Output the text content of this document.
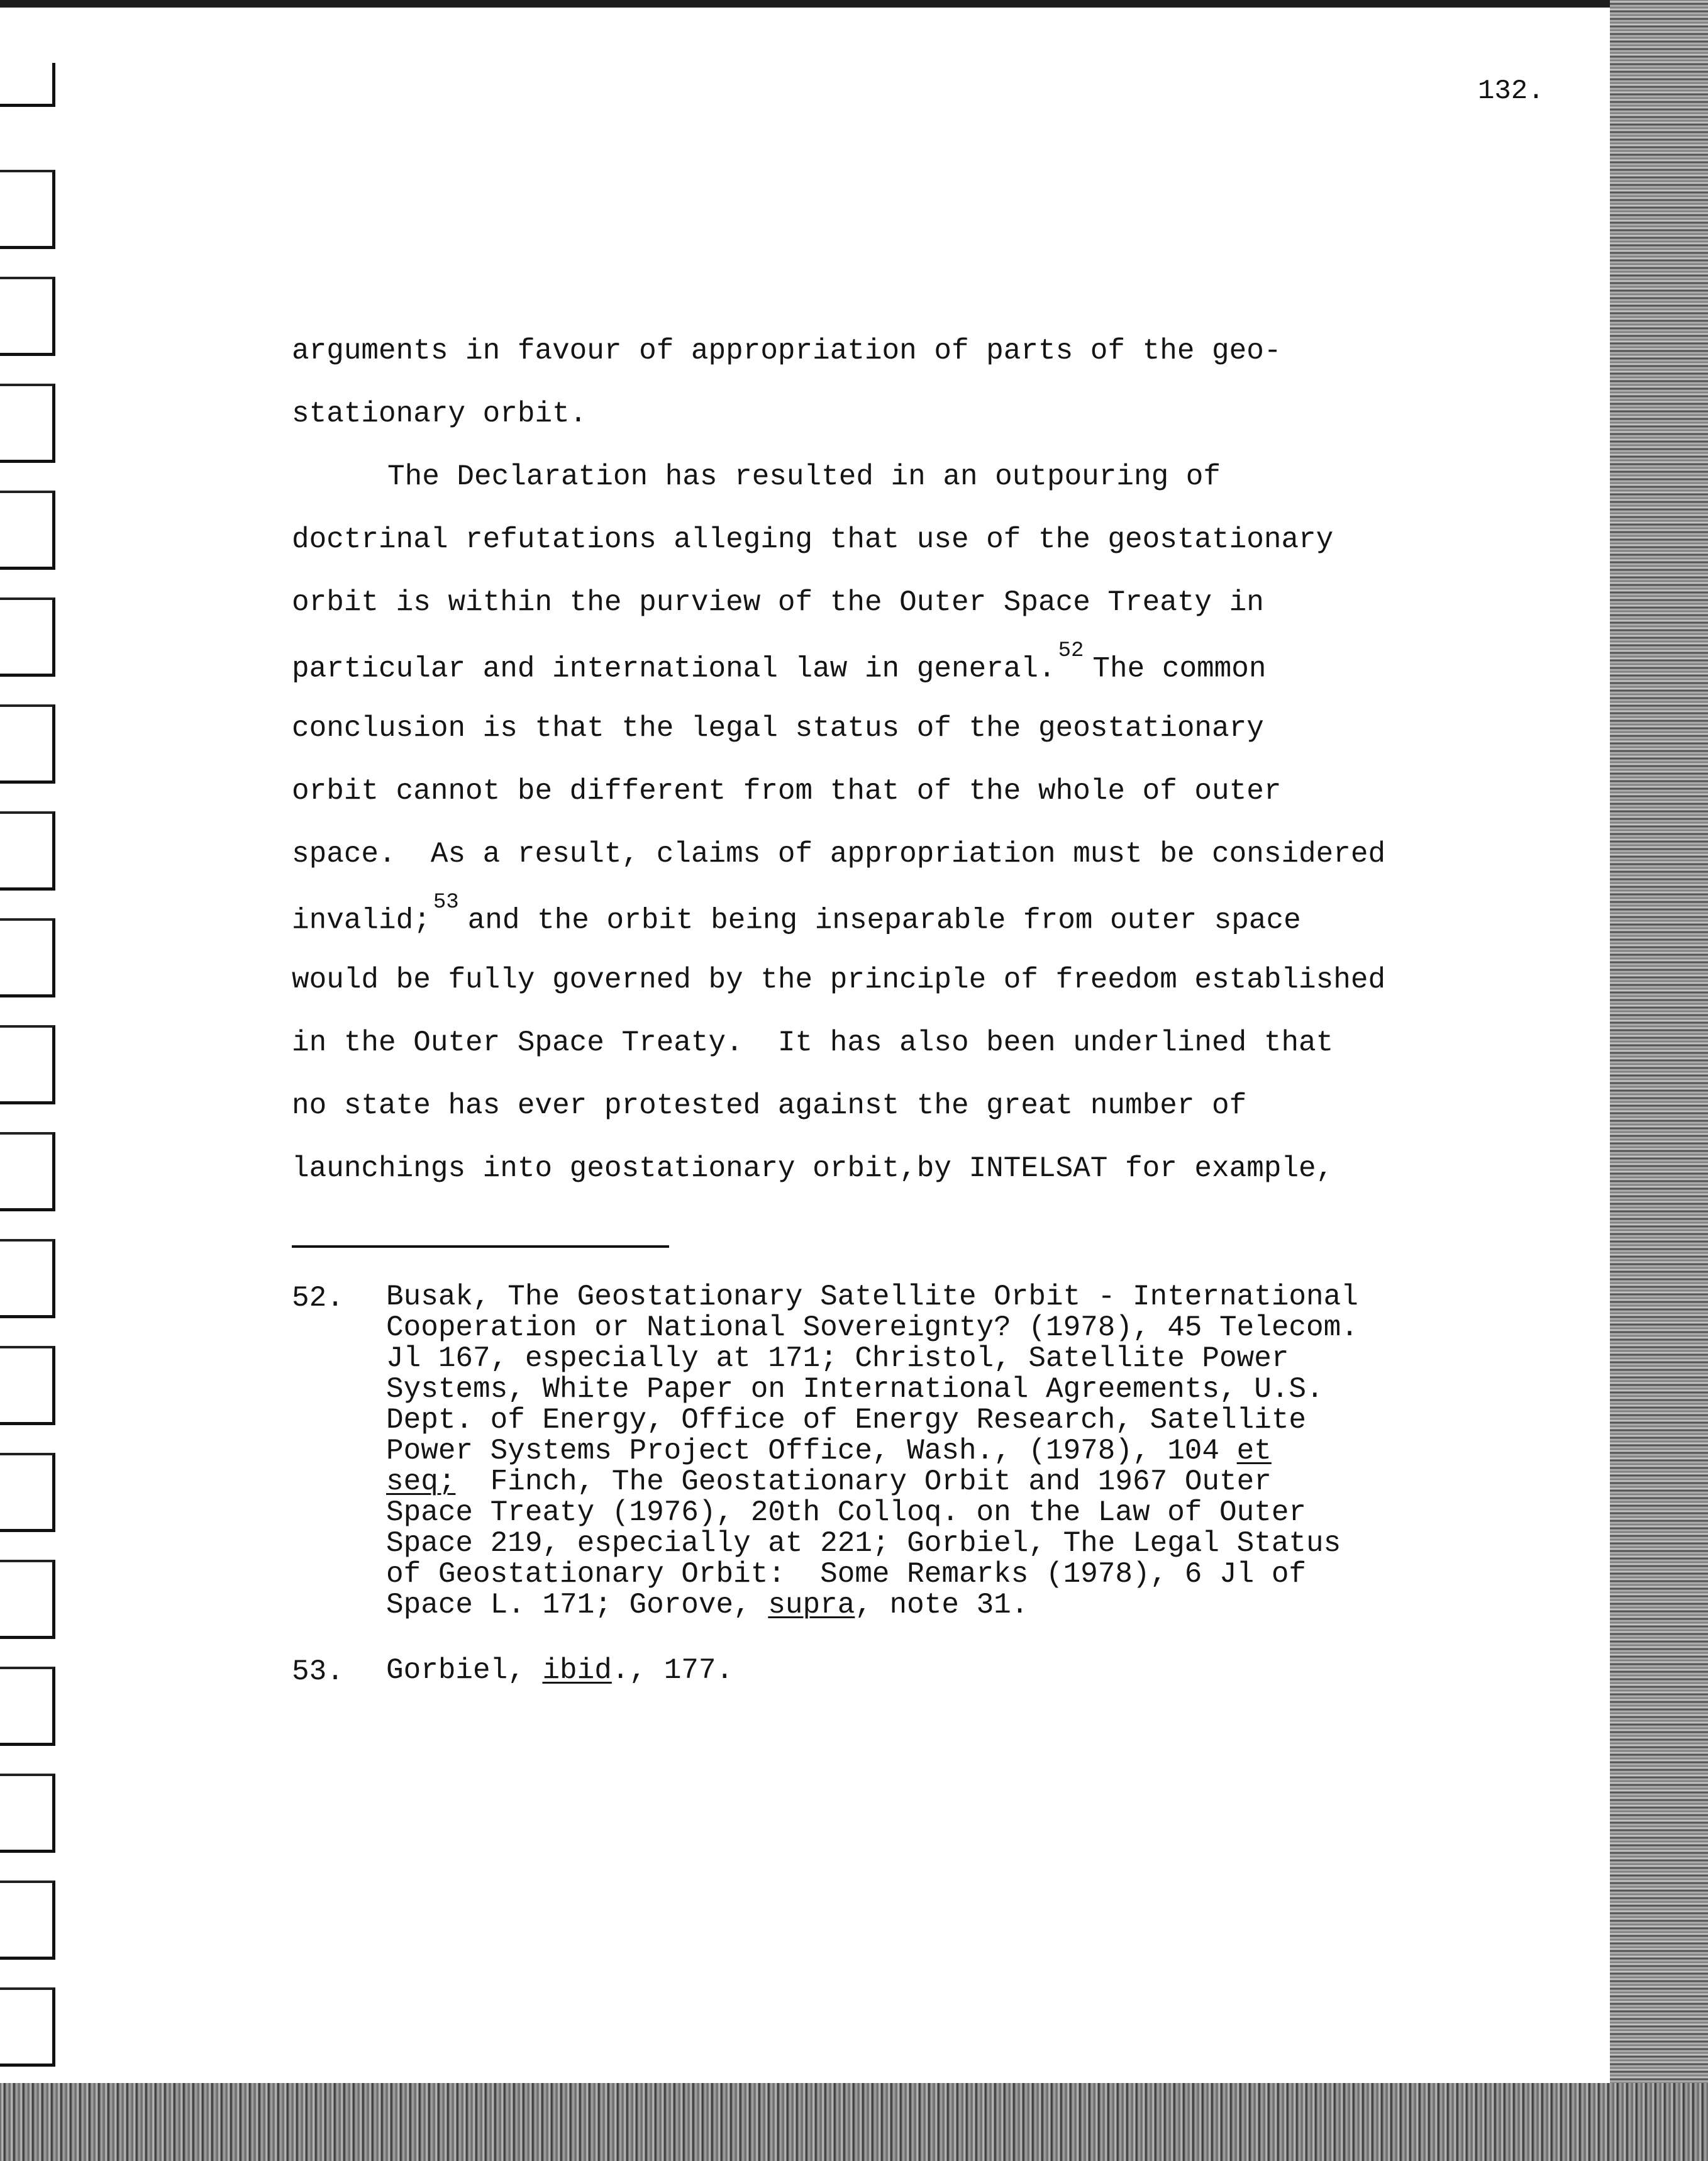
132.
arguments in favour of appropriation of parts of the geo-
stationary orbit.
The Declaration has resulted in an outpouring of
doctrinal refutations alleging that use of the geostationary
orbit is within the purview of the Outer Space Treaty in
particular and international law in general.$^{52}$The common
conclusion is that the legal status of the geostationary
orbit cannot be different from that of the whole of outer
space.  As a result, claims of appropriation must be considered
invalid;$^{53}$and the orbit being inseparable from outer space
would be fully governed by the principle of freedom established
in the Outer Space Treaty.  It has also been underlined that
no state has ever protested against the great number of
launchings into geostationary orbit,by INTELSAT for example,
52. Busak, The Geostationary Satellite Orbit - International
Cooperation or National Sovereignty? (1978), 45 Telecom.
Jl 167, especially at 171; Christol, Satellite Power
Systems, White Paper on International Agreements, U.S.
Dept. of Energy, Office of Energy Research, Satellite
Power Systems Project Office, Wash., (1978), 104 et
seq; Finch, The Geostationary Orbit and 1967 Outer
Space Treaty (1976), 20th Colloq. on the Law of Outer
Space 219, especially at 221; Gorbiel, The Legal Status
of Geostationary Orbit:  Some Remarks (1978), 6 Jl of
Space L. 171; Gorove, supra, note 31.
53. Gorbiel, ibid., 177.
